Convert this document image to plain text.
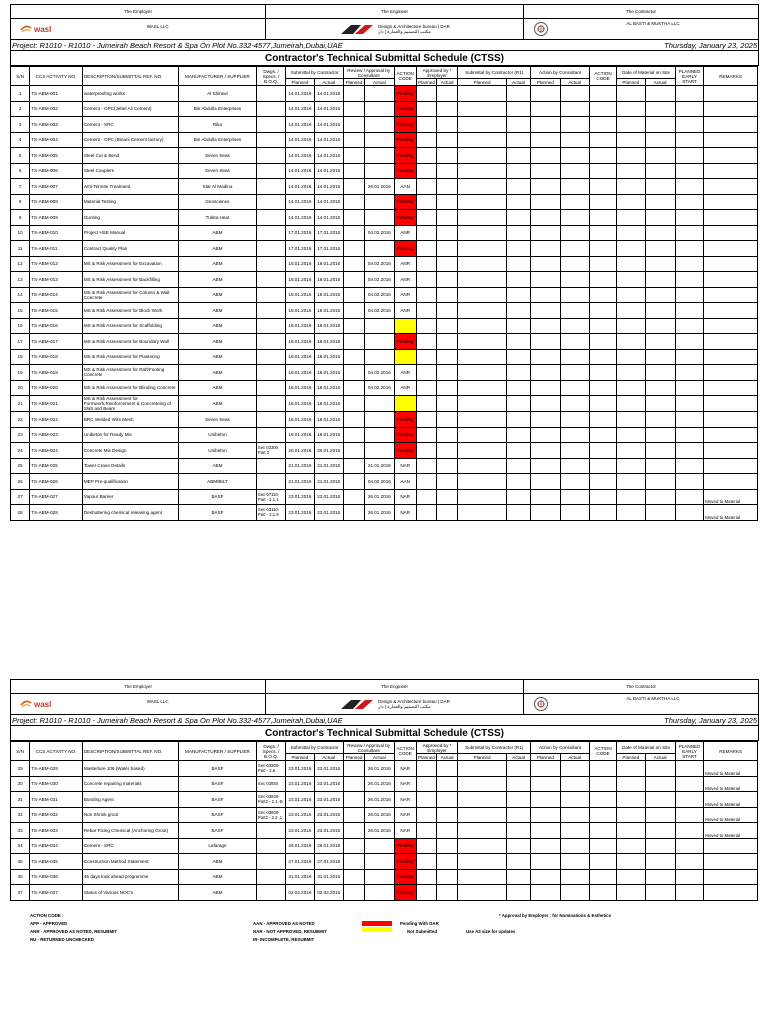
The Employer	The Engineer	The Contractor

wasl WASL LLC	Design & Architecture bureau | DAR
مكتب التصميم والعمارة | دار	AL BASTI & MUKTHA LLC
Project: R1010 - R1010 - Jumeirah Beach Resort & Spa On Plot No.332-4577,Jumeirah,Dubai,UAE		Thursday, January 23, 2025
Contractor's Technical Submittal Schedule (CTSS)		
S/N	CCS ACTIVITY NO.	DESCRIPTION/SUBMITTAL REF. NO.	MANUFACTURER / SUPPLIER	Dwgs. / Specs. / B.O.Q.	Submittal by Contractor		Review / Approval by Consultant		ACTION CODE	Approved by * Employer		Submittal by Contractor (R1)		Action by Consultant		ACTION CODE	Date of Material on Site		PLANNED EARLY START	REMARKS
					Planned	Actual	Planned	Actual		Planned	Actual	Planned	Actual	Planned	Actual		Planned	Actual		
1	TS-ABM-001	waterproofing works	Al Shirawi		14.01.2016	14.01.2016			Pending											
2	TS-ABM-002	Cement - OPC(Jebel Ali Cement)	Bin Abdulla Enterprises		14.01.2016	14.01.2016			Pending											
3	TS-ABM-003	Cement - SRC	Rika		14.01.2016	14.01.2016			Pending											
4	TS-ABM-004	Cement - OPC (Binani Cement factory)	Bin Abdulla Enterprises		14.01.2016	14.01.2016			Pending											
5	TS-ABM-005	Steel Cut & Bend	Seven Seas		14.01.2016	14.01.2016			Pending											
6	TS-ABM-006	Steel Couplers	Seven Seas		14.01.2016	14.01.2016			Pending											
7	TS-ABM-007	Anti-Termite Treatment	Star Al Madina		14.01.2016	14.01.2016		26.01.2016	AAN											
8	TS-ABM-008	Material Testing	Geoscience		14.01.2016	14.01.2016			Pending											
9	TS-ABM-009	Gunting	Tuleta Heat		14.01.2016	14.01.2016			Pending											
10	TS-ABM-010	Project HSE Manual	ABM		17.01.2016	17.01.2016		04.02.2016	ANR											
11	TS-ABM-011	Contract Quality Plan	ABM		17.01.2016	17.01.2016			Pending											
12	TS-ABM-012	MS & Risk Assessment for Excavation	ABM		18.01.2016	18.01.2016		04.02.2016	ANR											
13	TS-ABM-013	MS & Risk Assessment for Backfilling	ABM		18.01.2016	18.01.2016		04.02.2016	ANR											
14	TS-ABM-014	MS & Risk Assessment for Column & Wall Concrete	ABM		18.01.2016	18.01.2016		04.02.2016	ANR											
15	TS-ABM-015	MS & Risk Assessment for Block Work	ABM		18.01.2016	18.01.2016		04.02.2016	ANR											
16	TS-ABM-016	MS & Risk Assessment for Scaffolding	ABM		18.01.2016	18.01.2016														
17	TS-ABM-017	MS & Risk Assessment for Boundary Wall	ABM		18.01.2016	18.01.2016			Pending											
18	TS-ABM-018	MS & Risk Assessment for Plastering	ABM		18.01.2016	18.01.2016														
19	TS-ABM-019	MS & Risk Assessment for Raft/Footing Concrete	ABM		18.01.2016	18.01.2016		04.02.2016	ANR											
20	TS-ABM-020	MS & Risk Assessment for Blinding Concrete	ABM		18.01.2016	18.01.2016		04.02.2016	ANR											
21	TS-ABM-021	MS & Risk Assessment for Formwork,Reinforcement & Concreteing of Slab and Beam	ABM		18.01.2016	18.01.2016														
22	TS-ABM-022	BRC Welded Wire Mesh	Seven Seas		18.01.2016	18.01.2016			Pending											
23	TS-ABM-023	Unibeton for Ready Mix	Unibeton		19.01.2016	19.01.2016			Pending											
24	TS-ABM-024	Concrete Mix Design	Unibeton	Sec 03300 Part 2	20.01.2016	20.01.2016			Pending											
25	TS-ABM-025	Tower Crane Details	ABM		21.01.2016	21.01.2016		21.01.2015	NAR											
26	TS-ABM-026	MEP Pre-qualification	ABM/BILT		21.01.2016	21.01.2016		04.02.2016	AAN											
27	TS-ABM-027	Vapour Barrier	BASF	Sec-07110-Part - 2.1.1	23.01.2016	23.01.2016		26.01.2016	NAR											Moved to Material
28	TS-ABM-028	Deshuttering chemical releasing agent	BASF	Sec-03110-Part - 2.1.9	23.01.2016	23.01.2016		26.01.2016	NAR											Moved to Material
The Employer	The Engineer	The Contractor

wasl WASL LLC	Design & Architecture bureau | DAR
مكتب التصميم والعمارة | دار	AL BASTI & MUKTHA LLC
Project: R1010 - R1010 - Jumeirah Beach Resort & Spa On Plot No.332-4577,Jumeirah,Dubai,UAE		Thursday, January 23, 2025
Contractor's Technical Submittal Schedule (CTSS)		
S/N	CCS ACTIVITY NO.	DESCRIPTION/SUBMITTAL REF. NO.	MANUFACTURER / SUPPLIER	Dwgs. / Specs. / B.O.Q.	Submittal by Contractor		Review / Approval by Consultant		ACTION CODE	Approved by * Employer		Submittal by Contractor (R1)		Action by Consultant		ACTION CODE	Date of Material on Site		PLANNED EARLY START	REMARKS
					Planned	Actual	Planned	Actual		Planned	Actual	Planned	Actual	Planned	Actual		Planned	Actual		
29	TS-ABM-029	Masterlure 106 (Water based)	BASF	Sec-03300-Part - 2.6	23.01.2016	23.01.2016		26.01.2016	NAR											Moved to Material
30	TS-ABM-030	Concrete repairing materials	BASF	Sec 03930	23.01.2016	23.01.2016		26.01.2016	NAR											Moved to Material
31	TS-ABM-031	Bonding Agent	BASF	Sec-03930-Part2 - 2.1 -B	23.01.2016	23.01.2016		26.01.2016	NAR											Moved to Material
32	TS-ABM-032	Non Shrink grout	BASF	Sec-03600-Part2 - 2.2 .1	23.01.2016	23.01.2016		26.01.2016	NAR											Moved to Material
33	TS-ABM-033	Rebar Fixing Chemical (Anchoring Grout)	BASF		23.01.2016	23.01.2016		26.01.2016	NAR											Moved to Material
34	TS-ABM-034	Cement - SRC	Lafarage		26.01.2016	26.01.2016			Pending											
35	TS-ABM-035	Construction Method Statement	ABM		27.01.2016	27.01.2016			Pending											
36	TS-ABM-036	45 days look ahead programme	ABM		31.01.2016	31.01.2016			Pending											
37	TS-ABM-037	Status of Various NOC's	ABM		02.02.2016	02.02.2016			Pending											
ACTION CODE :
APP - APPROVED
ANR - APPROVED AS NOTED, RESUBMIT
RU - RETURNED UNCHECKED
AAN - APPROVED AS NOTED
NAR - NOT APPROVED, RESUBMIT
IR- INCOMPLETE, RESUBMIT
Pending With DAR
Not Submitted	Use A3 size for updates
* Approval by Employer : for Nominations & Esthetics
